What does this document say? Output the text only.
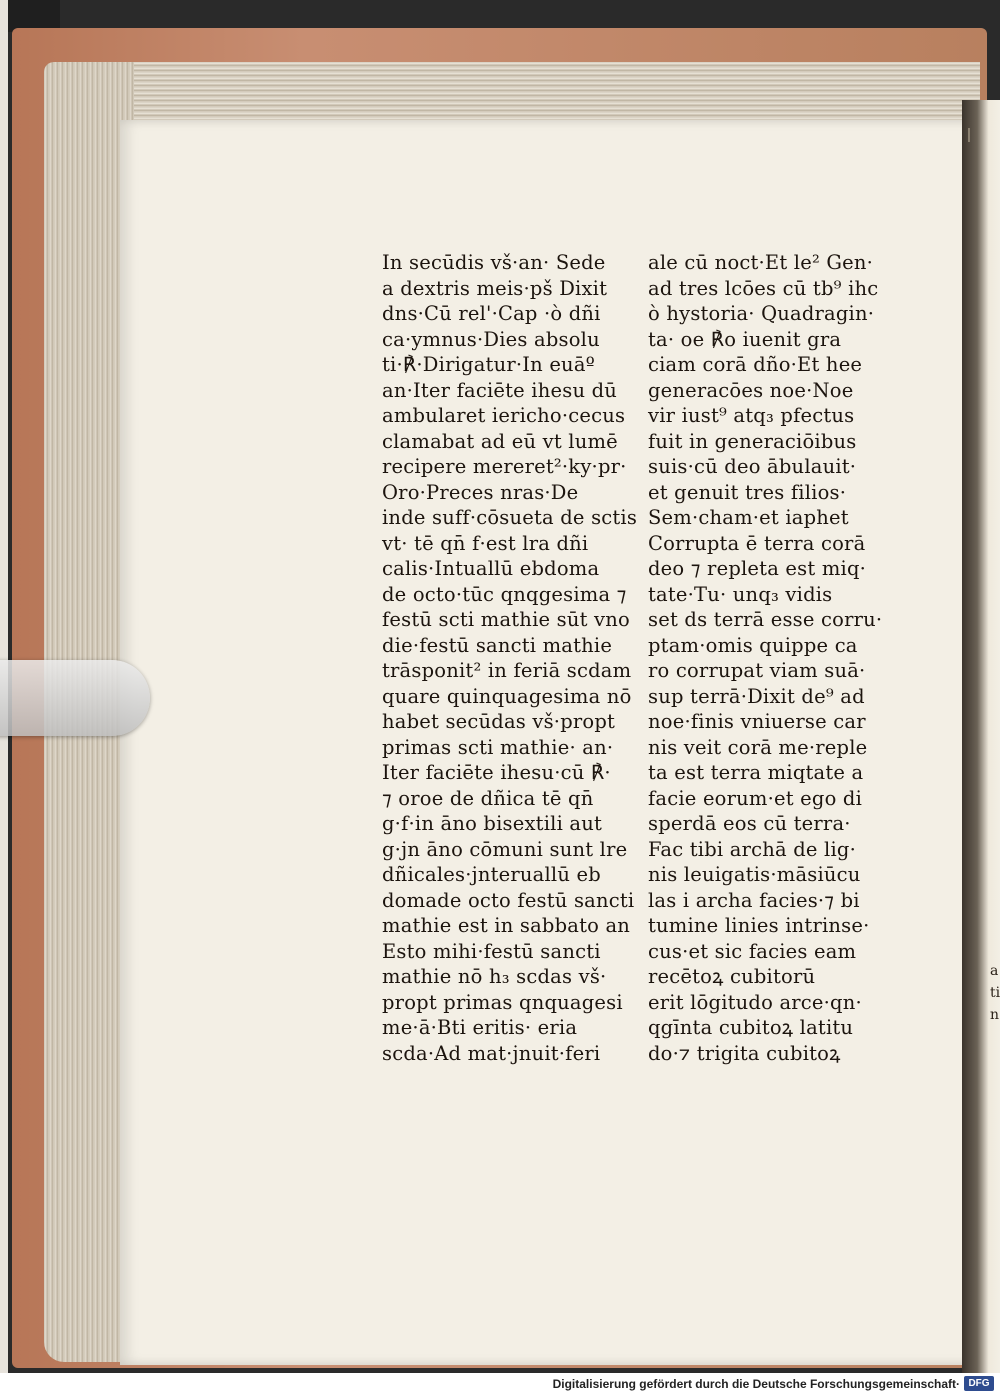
a
ti
n
In secūdis vš·an· Sede
a dextris meis·pš Dixit
dns·Cū rel'·Cap ·ò dñi
ca·ymnus·Dies absolu
ti·℟·Dirigatur·In euāº
an·Iter faciēte ihesu dū
ambularet iericho·cecus
clamabat ad eū vt lumē
recipere mereret²·ky·pr·
Oro·Preces nras·De
inde suff·cōsueta de sctis
vt· tē qn̄ f·est lra dñi
calis·Intuallū ebdoma
de octo·tūc qnqgesima ⁊
festū scti mathie sūt vno
die·festū sancti mathie
trāsponit² in feriā scdam
quare quinquagesima nō
habet secūdas vš·propt
primas scti mathie· an·
Iter faciēte ihesu·cū ℟·
⁊ oroe de dñica tē qn̄
g·f·in āno bisextili aut
g·jn āno cōmuni sunt lre
dñicales·jnteruallū eb
domade octo festū sancti
mathie est in sabbato an
Esto mihi·festū sancti
mathie nō h₃ scdas vš·
propt primas qnquagesi
me·ā·Bti eritis· eria
scda·Ad mat·jnuit·feri
ale cū noct·Et le² Gen·
ad tres lcōes cū tb⁹ ihc
ò hystoria· Quadragin·
ta· oe ℟o iuenit gra
ciam corā dño·Et hee
generacōes noe·Noe
vir iust⁹ atq₃ pfectus
fuit in generaciōibus
suis·cū deo ābulauit·
et genuit tres filios·
Sem·cham·et iaphet
Corrupta ē terra corā
deo ⁊ repleta est miq·
tate·Tu· unq₃ vidis
set ds terrā esse corru·
ptam·omis quippe ca
ro corrupat viam suā·
sup terrā·Dixit de⁹ ad
noe·finis vniuerse car
nis veit corā me·reple
ta est terra miqtate a
facie eorum·et ego di
sperdā eos cū terra·
Fac tibi archā de lig·
nis leuigatis·māsiūcu
las i archa facies·⁊ bi
tumine linies intrinse·
cus·et sic facies eam
recētoꝝ cubitorū
erit lōgitudo arce·qn·
qgīnta cubitoꝝ latitu
do·⁊ trigita cubitoꝝ
Digitalisierung gefördert durch die Deutsche Forschungsgemeinschaft· DFG
